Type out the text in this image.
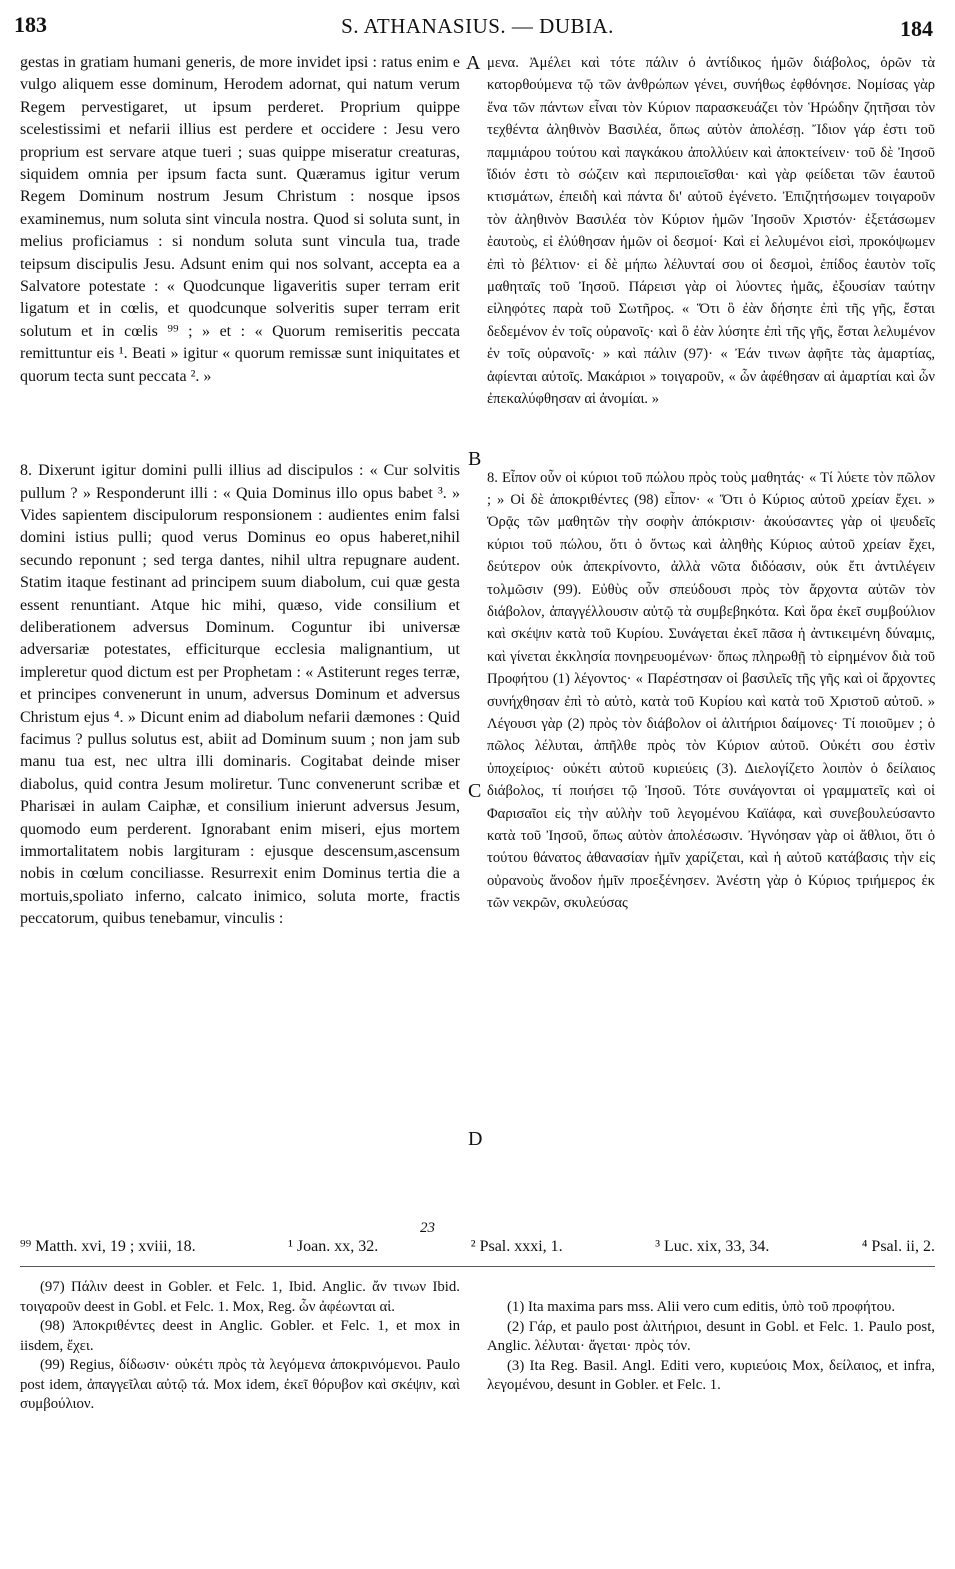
183	S. ATHANASIUS. — DUBIA.	184

gestas in gratiam humani generis, de more invidet ipsi : ratus enim e vulgo aliquem esse dominum, Herodem adornat, qui natum verum Regem pervestigaret, ut ipsum perderet. Proprium quippe scelestissimi et nefarii illius est perdere et occidere : Jesu vero proprium est servare atque tueri ; suas quippe miseratur creaturas, siquidem omnia per ipsum facta sunt. Quæramus igitur verum Regem Dominum nostrum Jesum Christum : nosque ipsos examinemus, num soluta sint vincula nostra. Quod si soluta sunt, in melius proficiamus : si nondum soluta sunt vincula tua, trade teipsum discipulis Jesu. Adsunt enim qui nos solvant, accepta ea a Salvatore potestate : « Quodcunque ligaveritis super terram erit ligatum et in cœlis, et quodcunque solveritis super terram erit solutum et in cœlis ⁹⁹ ; » et : « Quorum remiseritis peccata remittuntur eis ¹. Beati » igitur « quorum remissæ sunt iniquitates et quorum tecta sunt peccata ². »

8. Dixerunt igitur domini pulli illius ad discipulos : « Cur solvitis pullum ? » Responderunt illi : « Quia Dominus illo opus babet ³. » Vides sapientem discipulorum responsionem : audientes enim falsi domini istius pulli; quod verus Dominus eo opus haberet,nihil secundo reponunt ; sed terga dantes, nihil ultra repugnare audent. Statim itaque festinant ad principem suum diabolum, cui quæ gesta essent renuntiant. Atque hic mihi, quæso, vide consilium et deliberationem adversus Dominum. Coguntur ibi universæ adversariæ potestates, efficiturque ecclesia malignantium, ut impleretur quod dictum est per Prophetam : « Astiterunt reges terræ, et principes convenerunt in unum, adversus Dominum et adversus Christum ejus ⁴. » Dicunt enim ad diabolum nefarii dæmones : Quid facimus ? pullus solutus est, abiit ad Dominum suum ; non jam sub manu tua est, nec ultra illi dominaris. Cogitabat deinde miser diabolus, quid contra Jesum moliretur. Tunc convenerunt scribæ et Pharisæi in aulam Caiphæ, et consilium inierunt adversus Jesum, quomodo eum perderent. Ignorabant enim miseri, ejus mortem immortalitatem nobis largituram : ejusque descensum,ascensum nobis in cœlum conciliasse. Resurrexit enim Dominus tertia die a mortuis,spoliato inferno, calcato inimico, soluta morte, fractis peccatorum, quibus tenebamur, vinculis :

A
B
C
D

μενα. Ἀμέλει καὶ τότε πάλιν ὁ ἀντίδικος ἡμῶν διάβολος, ὁρῶν τὰ κατορθούμενα τῷ τῶν ἀνθρώπων γένει, συνήθως ἐφθόνησε. Νομίσας γὰρ ἕνα τῶν πάντων εἶναι τὸν Κύριον παρασκευάζει τὸν Ἡρώδην ζητῆσαι τὸν τεχθέντα ἀληθινὸν Βασιλέα, ὅπως αὐτὸν ἀπολέσῃ. Ἴδιον γάρ ἐστι τοῦ παμμιάρου τούτου καὶ παγκάκου ἀπολλύειν καὶ ἀποκτείνειν· τοῦ δὲ Ἰησοῦ ἴδιόν ἐστι τὸ σώζειν καὶ περιποιεῖσθαι· καὶ γὰρ φείδεται τῶν ἑαυτοῦ κτισμάτων, ἐπειδὴ καὶ πάντα δι' αὐτοῦ ἐγένετο. Ἐπιζητήσωμεν τοιγαροῦν τὸν ἀληθινὸν Βασιλέα τὸν Κύριον ἡμῶν Ἰησοῦν Χριστόν· ἐξετάσωμεν ἑαυτοὺς, εἰ ἐλύθησαν ἡμῶν οἱ δεσμοί· Καὶ εἰ λελυμένοι εἰσὶ, προκόψωμεν ἐπὶ τὸ βέλτιον· εἰ δὲ μήπω λέλυνταί σου οἱ δεσμοὶ, ἐπίδος ἑαυτὸν τοῖς μαθηταῖς τοῦ Ἰησοῦ. Πάρεισι γὰρ οἱ λύοντες ἡμᾶς, ἐξουσίαν ταύτην εἰληφότες παρὰ τοῦ Σωτῆρος. « Ὅτι ὃ ἐὰν δήσητε ἐπὶ τῆς γῆς, ἔσται δεδεμένον ἐν τοῖς οὐρανοῖς· καὶ ὃ ἐὰν λύσητε ἐπὶ τῆς γῆς, ἔσται λελυμένον ἐν τοῖς οὐρανοῖς· » καὶ πάλιν (97)· « Ἐάν τινων ἀφῆτε τὰς ἁμαρτίας, ἀφίενται αὐτοῖς. Μακάριοι » τοιγαροῦν, « ὧν ἀφέθησαν αἱ ἁμαρτίαι καὶ ὧν ἐπεκαλύφθησαν αἱ ἀνομίαι. »

8. Εἶπον οὖν οἱ κύριοι τοῦ πώλου πρὸς τοὺς μαθητάς· « Τί λύετε τὸν πῶλον ; » Οἱ δὲ ἀποκριθέντες (98) εἶπον· « Ὅτι ὁ Κύριος αὐτοῦ χρείαν ἔχει. » Ὁρᾷς τῶν μαθητῶν τὴν σοφὴν ἀπόκρισιν· ἀκούσαντες γὰρ οἱ ψευδεῖς κύριοι τοῦ πώλου, ὅτι ὁ ὄντως καὶ ἀληθὴς Κύριος αὐτοῦ χρείαν ἔχει, δεύτερον οὐκ ἀπεκρίνοντο, ἀλλὰ νῶτα διδόασιν, οὐκ ἔτι ἀντιλέγειν τολμῶσιν (99). Εὐθὺς οὖν σπεύδουσι πρὸς τὸν ἄρχοντα αὐτῶν τὸν διάβολον, ἀπαγγέλλουσιν αὐτῷ τὰ συμβεβηκότα. Καὶ ὅρα ἐκεῖ συμβούλιον καὶ σκέψιν κατὰ τοῦ Κυρίου. Συνάγεται ἐκεῖ πᾶσα ἡ ἀντικειμένη δύναμις, καὶ γίνεται ἐκκλησία πονηρευομένων· ὅπως πληρωθῇ τὸ εἰρημένον διὰ τοῦ Προφήτου (1) λέγοντος· « Παρέστησαν οἱ βασιλεῖς τῆς γῆς καὶ οἱ ἄρχοντες συνήχθησαν ἐπὶ τὸ αὐτὸ, κατὰ τοῦ Κυρίου καὶ κατὰ τοῦ Χριστοῦ αὐτοῦ. » Λέγουσι γὰρ (2) πρὸς τὸν διάβολον οἱ ἀλιτήριοι δαίμονες· Τί ποιοῦμεν ; ὁ πῶλος λέλυται, ἀπῆλθε πρὸς τὸν Κύριον αὐτοῦ. Οὐκέτι σου ἐστὶν ὑποχείριος· οὐκέτι αὐτοῦ κυριεύεις (3). Διελογίζετο λοιπὸν ὁ δείλαιος διάβολος, τί ποιήσει τῷ Ἰησοῦ. Τότε συνάγονται οἱ γραμματεῖς καὶ οἱ Φαρισαῖοι εἰς τὴν αὐλὴν τοῦ λεγομένου Καϊάφα, καὶ συνεβουλεύσαντο κατὰ τοῦ Ἰησοῦ, ὅπως αὐτὸν ἀπολέσωσιν. Ἠγνόησαν γὰρ οἱ ἄθλιοι, ὅτι ὁ τούτου θάνατος ἀθανασίαν ἡμῖν χαρίζεται, καὶ ἡ αὐτοῦ κατάβασις τὴν εἰς οὐρανοὺς ἄνοδον ἡμῖν προεξένησεν. Ἀνέστη γὰρ ὁ Κύριος τριήμερος ἐκ τῶν νεκρῶν, σκυλεύσας

23
⁹⁹ Matth. xvi, 19 ; xviii, 18.	¹ Joan. xx, 32.	² Psal. xxxi, 1.	³ Luc. xix, 33, 34.	⁴ Psal. ii, 2.

(97) Πάλιν deest in Gobler. et Felc. 1, Ibid. Anglic. ἄν τινων Ibid. τοιγαροῦν deest in Gobl. et Felc. 1. Mox, Reg. ὧν ἀφέωνται αἱ.

(98) Ἀποκριθέντες deest in Anglic. Gobler. et Felc. 1, et mox in iisdem, ἔχει.

(99) Regius, δίδωσιν· οὐκέτι πρὸς τὰ λεγόμενα ἀποκρινόμενοι. Paulo post idem, ἀπαγγεῖλαι αὐτῷ τά. Mox idem, ἐκεῖ θόρυβον καὶ σκέψιν, καὶ συμβούλιον.

(1) Ita maxima pars mss. Alii vero cum editis, ὑπὸ τοῦ προφήτου.

(2) Γάρ, et paulo post ἀλιτήριοι, desunt in Gobl. et Felc. 1. Paulo post, Anglic. λέλυται· ἄγεται· πρὸς τόν.

(3) Ita Reg. Basil. Angl. Editi vero, κυριεύοις Mox, δείλαιος, et infra, λεγομένου, desunt in Gobler. et Felc. 1.
